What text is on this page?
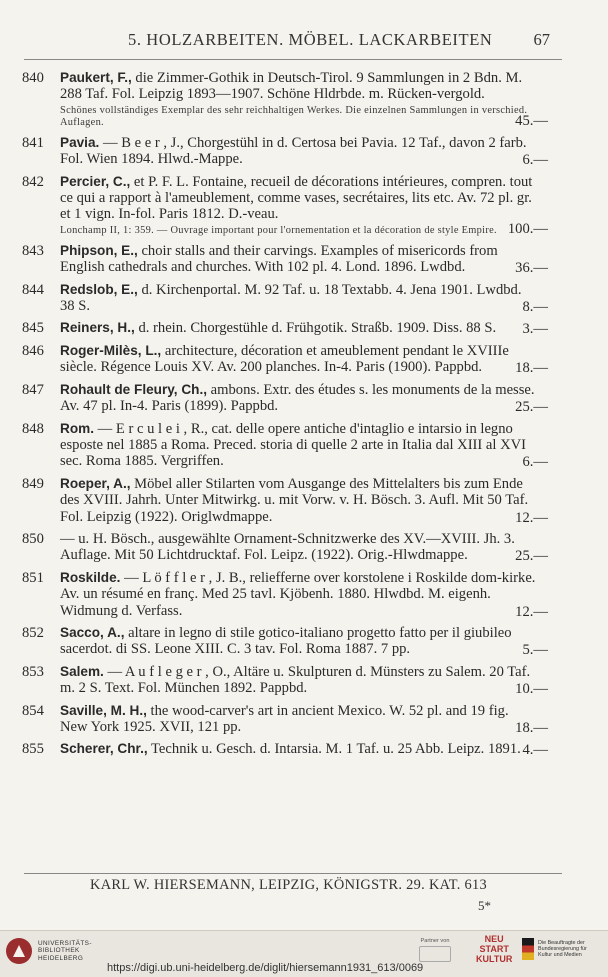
5. HOLZARBEITEN. MÖBEL. LACKARBEITEN 67
840 Paukert, F., die Zimmer-Gothik in Deutsch-Tirol. 9 Sammlungen in 2 Bdn. M. 288 Taf. Fol. Leipzig 1893—1907. Schöne Hldrbde. m. Rücken-vergold.
Schönes vollständiges Exemplar des sehr reichhaltigen Werkes. Die einzelnen Sammlungen in verschied. Auflagen.	45.—
841 Pavia. — B e e r , J., Chorgestühl in d. Certosa bei Pavia. 12 Taf., davon 2 farb. Fol. Wien 1894. Hlwd.-Mappe.	6.—
842 Percier, C., et P. F. L. Fontaine, recueil de décorations intérieures, compren. tout ce qui a rapport à l'ameublement, comme vases, secrétaires, lits etc. Av. 72 pl. gr. et 1 vign. In-fol. Paris 1812. D.-veau.
Lonchamp II, 1: 359. — Ouvrage important pour l'ornementation et la décoration de style Empire. 100.—
843 Phipson, E., choir stalls and their carvings. Examples of misericords from English cathedrals and churches. With 102 pl. 4. Lond. 1896. Lwdbd.	36.—
844 Redslob, E., d. Kirchenportal. M. 92 Taf. u. 18 Textabb. 4. Jena 1901. Lwdbd. 38 S.	8.—
845 Reiners, H., d. rhein. Chorgestühle d. Frühgotik. Straßb. 1909. Diss. 88 S.	3.—
846 Roger-Milès, L., architecture, décoration et ameublement pendant le XVIIIe siècle. Régence Louis XV. Av. 200 planches. In-4. Paris (1900). Pappbd.	18.—
847 Rohault de Fleury, Ch., ambons. Extr. des études s. les monuments de la messe. Av. 47 pl. In-4. Paris (1899). Pappbd.	25.—
848 Rom. — E r c u l e i , R., cat. delle opere antiche d'intaglio e intarsio in legno esposte nel 1885 a Roma. Preced. storia di quelle 2 arte in Italia dal XIII al XVI sec. Roma 1885. Vergriffen.	6.—
849 Roeper, A., Möbel aller Stilarten vom Ausgange des Mittelalters bis zum Ende des XVIII. Jahrh. Unter Mitwirkg. u. mit Vorw. v. H. Bösch. 3. Aufl. Mit 50 Taf. Fol. Leipzig (1922). Origlwdmappe.	12.—
850 — u. H. Bösch., ausgewählte Ornament-Schnitzwerke des XV.—XVIII. Jh. 3. Auflage. Mit 50 Lichtdrucktaf. Fol. Leipz. (1922). Orig.-Hlwdmappe.	25.—
851 Roskilde. — L ö f f l e r , J. B., reliefferne over korstolene i Roskilde dom-kirke. Av. un résumé en franç. Med 25 tavl. Kjöbenh. 1880. Hlwdbd. M. eigenh. Widmung d. Verfass.	12.—
852 Sacco, A., altare in legno di stile gotico-italiano progetto fatto per il giubileo sacerdot. di SS. Leone XIII. C. 3 tav. Fol. Roma 1887. 7 pp.	5.—
853 Salem. — A u f l e g e r , O., Altäre u. Skulpturen d. Münsters zu Salem. 20 Taf. m. 2 S. Text. Fol. München 1892. Pappbd.	10.—
854 Saville, M. H., the wood-carver's art in ancient Mexico. W. 52 pl. and 19 fig. New York 1925. XVII, 121 pp.	18.—
855 Scherer, Chr., Technik u. Gesch. d. Intarsia. M. 1 Taf. u. 25 Abb. Leipz. 1891. 4.—
KARL W. HIERSEMANN, LEIPZIG, KÖNIGSTR. 29. KAT. 613
5*
UNIVERSITÄTS-
BIBLIOTHEK
HEIDELBERG
Partner von	NEU
START
KULTUR
Die Beauftragte der Bundesregierung für Kultur und Medien
https://digi.ub.uni-heidelberg.de/diglit/hiersemann1931_613/0069
